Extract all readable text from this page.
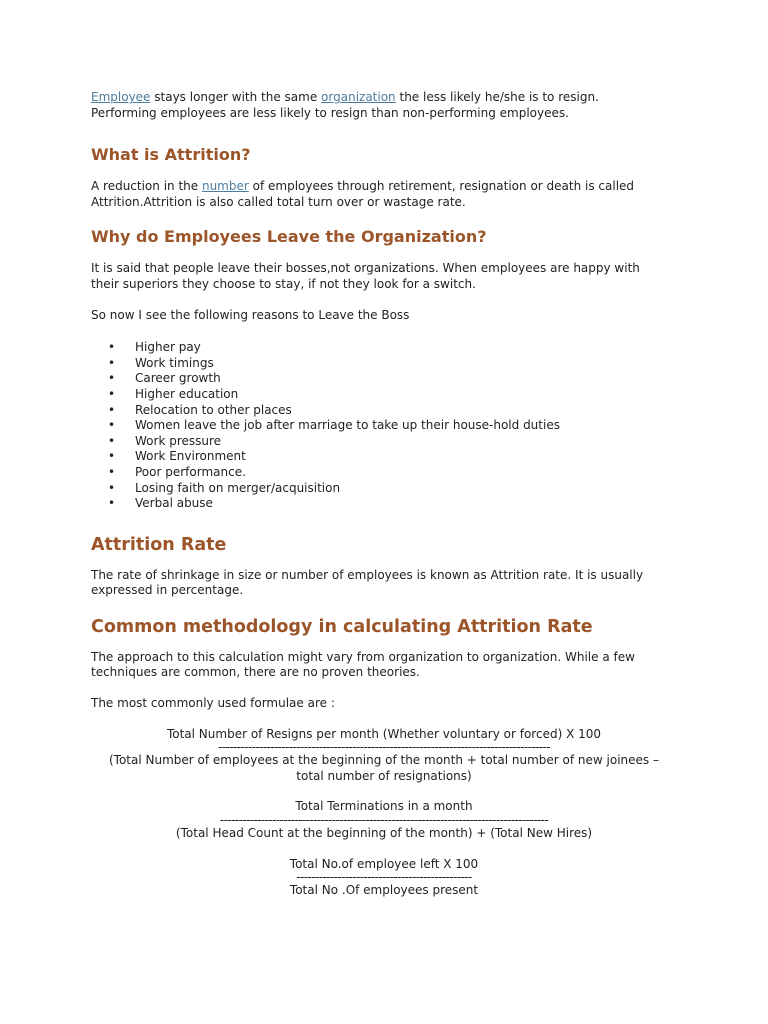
Employee stays longer with the same organization the less likely he/she is to resign.
Performing employees are less likely to resign than non-performing employees.

What is Attrition?

A reduction in the number of employees through retirement, resignation or death is called
Attrition.Attrition is also called total turn over or wastage rate.

Why do Employees Leave the Organization?

It is said that people leave their bosses,not organizations. When employees are happy with
their superiors they choose to stay, if not they look for a switch.

So now I see the following reasons to Leave the Boss

• Higher pay
• Work timings
• Career growth
• Higher education
• Relocation to other places
• Women leave the job after marriage to take up their house-hold duties
• Work pressure
• Work Environment
• Poor performance.
• Losing faith on merger/acquisition
• Verbal abuse
Attrition Rate

The rate of shrinkage in size or number of employees is known as Attrition rate. It is usually
expressed in percentage.

Common methodology in calculating Attrition Rate

The approach to this calculation might vary from organization to organization. While a few
techniques are common, there are no proven theories.

The most commonly used formulae are :

Total Number of Resigns per month (Whether voluntary or forced) X 100

-----------------------------------------------------------------------------------------

(Total Number of employees at the beginning of the month + total number of new joinees –

total number of resignations)

Total Terminations in a month

----------------------------------------------------------------------------------------

(Total Head Count at the beginning of the month) + (Total New Hires)

Total No.of employee left X 100

-----------------------------------------------

Total No .Of employees present
